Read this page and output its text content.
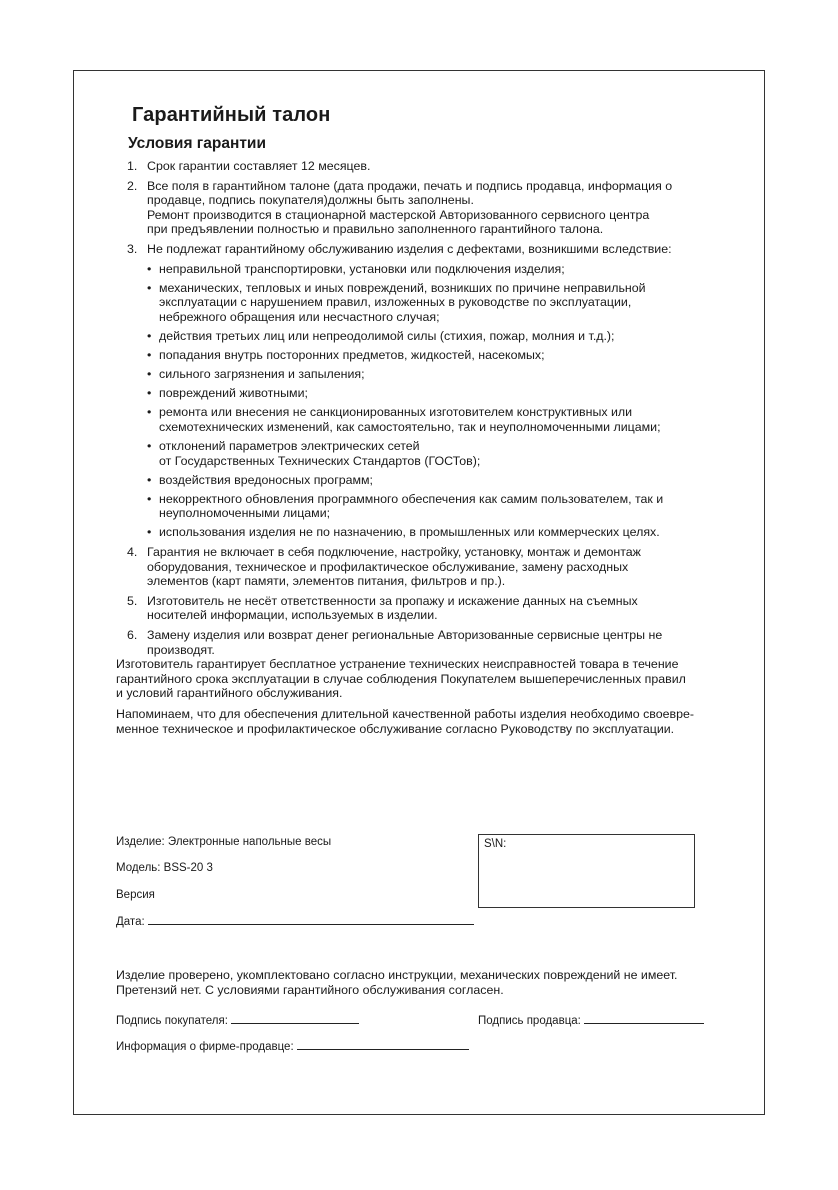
Гарантийный талон
Условия гарантии
1. Срок гарантии составляет 12 месяцев.
2. Все поля в гарантийном талоне (дата продажи, печать и подпись продавца, информация о
продавце, подпись покупателя)должны быть заполнены.
Ремонт производится в стационарной мастерской Авторизованного сервисного центра
при предъявлении полностью и правильно заполненного гарантийного талона.
3. Не подлежат гарантийному обслуживанию изделия с дефектами, возникшими вследствие:
• неправильной транспортировки, установки или подключения изделия;
• механических, тепловых и иных повреждений, возникших по причине неправильной
эксплуатации с нарушением правил, изложенных в руководстве по эксплуатации,
небрежного обращения или несчастного случая;
• действия третьих лиц или непреодолимой силы (стихия, пожар, молния и т.д.);
• попадания внутрь посторонних предметов, жидкостей, насекомых;
• сильного загрязнения и запыления;
• повреждений животными;
• ремонта или внесения не санкционированных изготовителем конструктивных или
схемотехнических изменений, как самостоятельно, так и неуполномоченными лицами;
• отклонений параметров электрических сетей
от Государственных Технических Стандартов (ГОСТов);
• воздействия вредоносных программ;
• некорректного обновления программного обеспечения как самим пользователем, так и
неуполномоченными лицами;
• использования изделия не по назначению, в промышленных или коммерческих целях.
4. Гарантия не включает в себя подключение, настройку, установку, монтаж и демонтаж
оборудования, техническое и профилактическое обслуживание, замену расходных
элементов (карт памяти, элементов питания, фильтров и пр.).
5. Изготовитель не несёт ответственности за пропажу и искажение данных на съемных
носителей информации, используемых в изделии.
6. Замену изделия или возврат денег региональные Авторизованные сервисные центры не
производят.
Изготовитель гарантирует бесплатное устранение технических неисправностей товара в течение
гарантийного срока эксплуатации в случае соблюдения Покупателем вышеперечисленных правил
и условий гарантийного обслуживания.
Напоминаем, что для обеспечения длительной качественной работы изделия необходимо своевре-
менное техническое и профилактическое обслуживание согласно Руководству по эксплуатации.
Изделие: Электронные напольные весы
Модель: BSS-20 3
Версия
Дата:
S\N:
Изделие проверено, укомплектовано согласно инструкции, механических повреждений не имеет.
Претензий нет. С условиями гарантийного обслуживания согласен.
Подпись покупателя:	Подпись продавца:
Информация о фирме-продавце:
